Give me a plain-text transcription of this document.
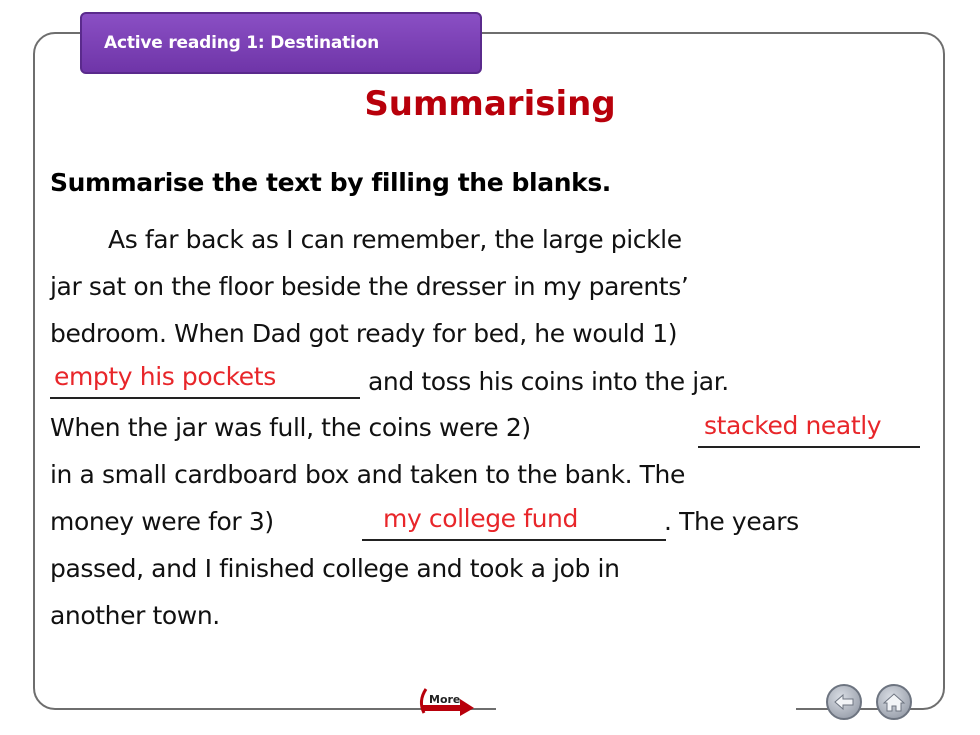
Active reading 1: Destination
Summarising
Summarise the text by filling the blanks.
As far back as I can remember, the large pickle
jar sat on the floor beside the dresser in my parents’
bedroom. When Dad got ready for bed, he would 1)
empty his pockets	and toss his coins into the jar.
When the jar was full, the coins were 2)	stacked neatly
in a small cardboard box and taken to the bank. The
money were for 3)	my college fund	. The years
passed, and I finished college and took a job in
another town.
More
